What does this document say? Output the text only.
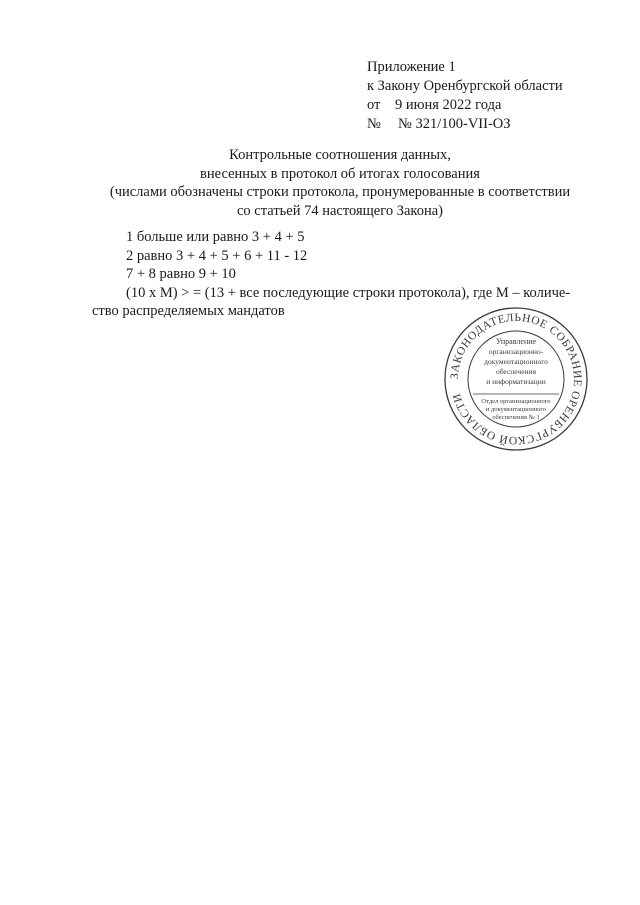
Приложение 1
к Закону Оренбургской области
от 9 июня 2022 года
№ № 321/100-VII-ОЗ
Контрольные соотношения данных,
внесенных в протокол об итогах голосования
(числами обозначены строки протокола, пронумерованные в соответствии
со статьей 74 настоящего Закона)
1 больше или равно 3 + 4 + 5
2 равно 3 + 4 + 5 + 6 + 11 - 12
7 + 8 равно 9 + 10
(10 х М) > = (13 + все последующие строки протокола), где М – количе-
ство распределяемых мандатов
ЗАКОНОДАТЕЛЬНОЕ СОБРАНИЕ ОРЕНБУРГСКОЙ ОБЛАСТИ
Управление
организационно-
документационного
обеспечения
и информатизации
Отдел организационного
и документационного
обеспечения № 1
